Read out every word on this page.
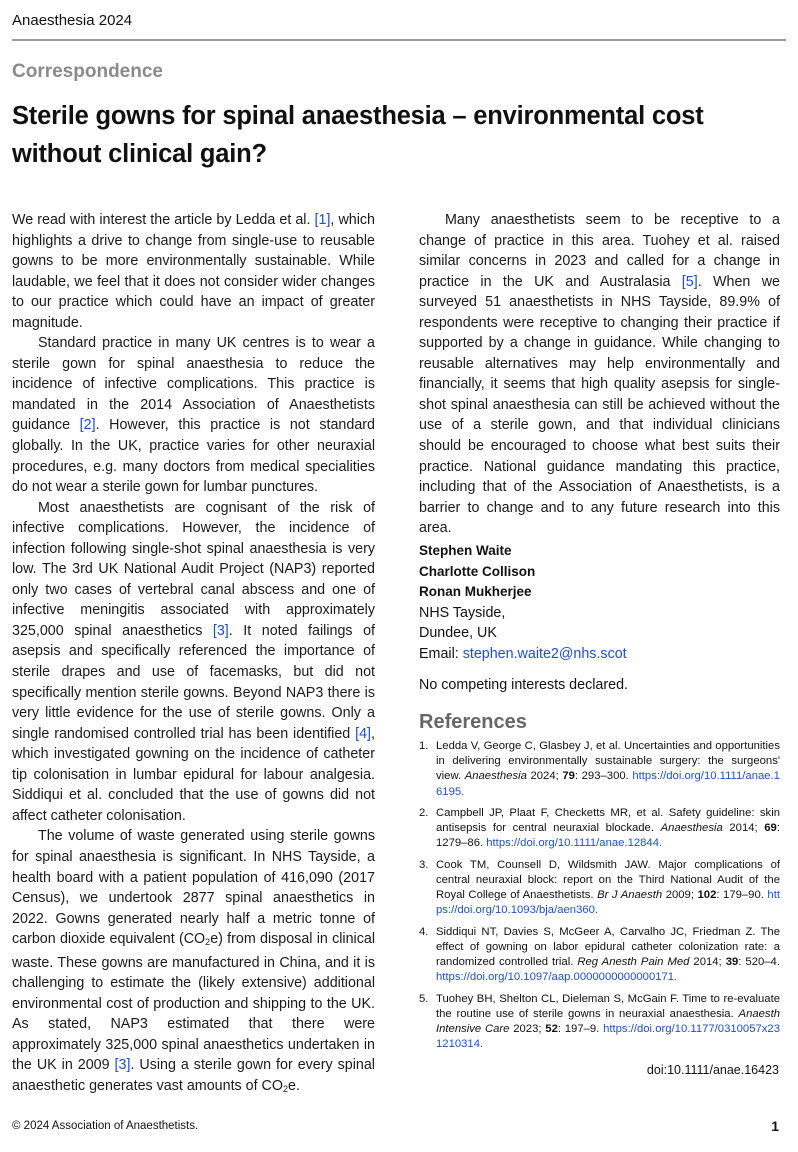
Anaesthesia 2024
Correspondence
Sterile gowns for spinal anaesthesia – environmental cost without clinical gain?

We read with interest the article by Ledda et al. [1], which highlights a drive to change from single-use to reusable gowns to be more environmentally sustainable. While laudable, we feel that it does not consider wider changes to our practice which could have an impact of greater magnitude.

Standard practice in many UK centres is to wear a sterile gown for spinal anaesthesia to reduce the incidence of infective complications. This practice is mandated in the 2014 Association of Anaesthetists guidance [2]. However, this practice is not standard globally. In the UK, practice varies for other neuraxial procedures, e.g. many doctors from medical specialities do not wear a sterile gown for lumbar punctures.

Most anaesthetists are cognisant of the risk of infective complications. However, the incidence of infection following single-shot spinal anaesthesia is very low. The 3rd UK National Audit Project (NAP3) reported only two cases of vertebral canal abscess and one of infective meningitis associated with approximately 325,000 spinal anaesthetics [3]. It noted failings of asepsis and specifically referenced the importance of sterile drapes and use of facemasks, but did not specifically mention sterile gowns. Beyond NAP3 there is very little evidence for the use of sterile gowns. Only a single randomised controlled trial has been identified [4], which investigated gowning on the incidence of catheter tip colonisation in lumbar epidural for labour analgesia. Siddiqui et al. concluded that the use of gowns did not affect catheter colonisation.

The volume of waste generated using sterile gowns for spinal anaesthesia is significant. In NHS Tayside, a health board with a patient population of 416,090 (2017 Census), we undertook 2877 spinal anaesthetics in 2022. Gowns generated nearly half a metric tonne of carbon dioxide equivalent $(CO_2e)$ from disposal in clinical waste. These gowns are manufactured in China, and it is challenging to estimate the (likely extensive) additional environmental cost of production and shipping to the UK. As stated, NAP3 estimated that there were approximately 325,000 spinal anaesthetics undertaken in the UK in 2009 [3]. Using a sterile gown for every spinal anaesthetic generates vast amounts of $CO_2e$.

Many anaesthetists seem to be receptive to a change of practice in this area. Tuohey et al. raised similar concerns in 2023 and called for a change in practice in the UK and Australasia [5]. When we surveyed 51 anaesthetists in NHS Tayside, 89.9% of respondents were receptive to changing their practice if supported by a change in guidance. While changing to reusable alternatives may help environmentally and financially, it seems that high quality asepsis for single-shot spinal anaesthesia can still be achieved without the use of a sterile gown, and that individual clinicians should be encouraged to choose what best suits their practice. National guidance mandating this practice, including that of the Association of Anaesthetists, is a barrier to change and to any future research into this area.

Stephen Waite
Charlotte Collison
Ronan Mukherjee
NHS Tayside,
Dundee, UK
Email: stephen.waite2@nhs.scot
No competing interests declared.
References
1. Ledda V, George C, Glasbey J, et al. Uncertainties and opportunities in delivering environmentally sustainable surgery: the surgeons' view. Anaesthesia 2024; 79: 293–300. https://doi.org/10.1111/anae.16195.
2. Campbell JP, Plaat F, Checketts MR, et al. Safety guideline: skin antisepsis for central neuraxial blockade. Anaesthesia 2014; 69: 1279–86. https://doi.org/10.1111/anae.12844.
3. Cook TM, Counsell D, Wildsmith JAW. Major complications of central neuraxial block: report on the Third National Audit of the Royal College of Anaesthetists. Br J Anaesth 2009; 102: 179–90. https://doi.org/10.1093/bja/aen360.
4. Siddiqui NT, Davies S, McGeer A, Carvalho JC, Friedman Z. The effect of gowning on labor epidural catheter colonization rate: a randomized controlled trial. Reg Anesth Pain Med 2014; 39: 520–4. https://doi.org/10.1097/aap.0000000000000171.
5. Tuohey BH, Shelton CL, Dieleman S, McGain F. Time to re-evaluate the routine use of sterile gowns in neuraxial anaesthesia. Anaesth Intensive Care 2023; 52: 197–9. https://doi.org/10.1177/0310057x231210314.
doi:10.1111/anae.16423
© 2024 Association of Anaesthetists.	1
